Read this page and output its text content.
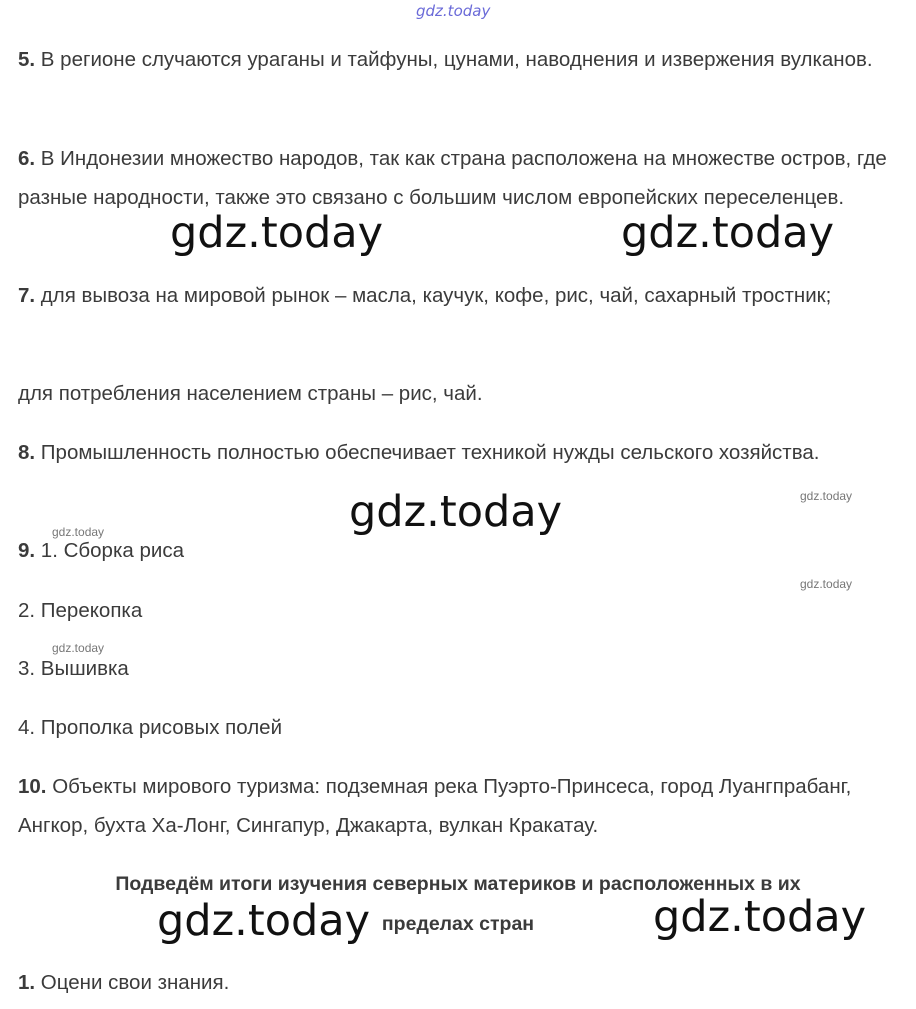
gdz.today

5. В регионе случаются ураганы и тайфуны, цунами, наводнения и извержения вулканов.

6. В Индонезии множество народов, так как страна расположена на множестве остров, где разные народности, также это связано с большим числом европейских переселенцев.

7. для вывоза на мировой рынок – масла, каучук, кофе, рис, чай, сахарный тростник;

для потребления населением страны – рис, чай.

8. Промышленность полностью обеспечивает техникой нужды сельского хозяйства.

9. 1. Сборка риса

2. Перекопка

3. Вышивка

4. Прополка рисовых полей

10. Объекты мирового туризма: подземная река Пуэрто-Принсеса, город Луангпрабанг, Ангкор, бухта Ха-Лонг, Сингапур, Джакарта, вулкан Кракатау.

Подведём итоги изучения северных материков и расположенных в их
пределах стран

1. Оцени свои знания.

gdz.today	gdz.today
gdz.today
gdz.today	gdz.today
gdz.today
gdz.today
gdz.today
gdz.today
